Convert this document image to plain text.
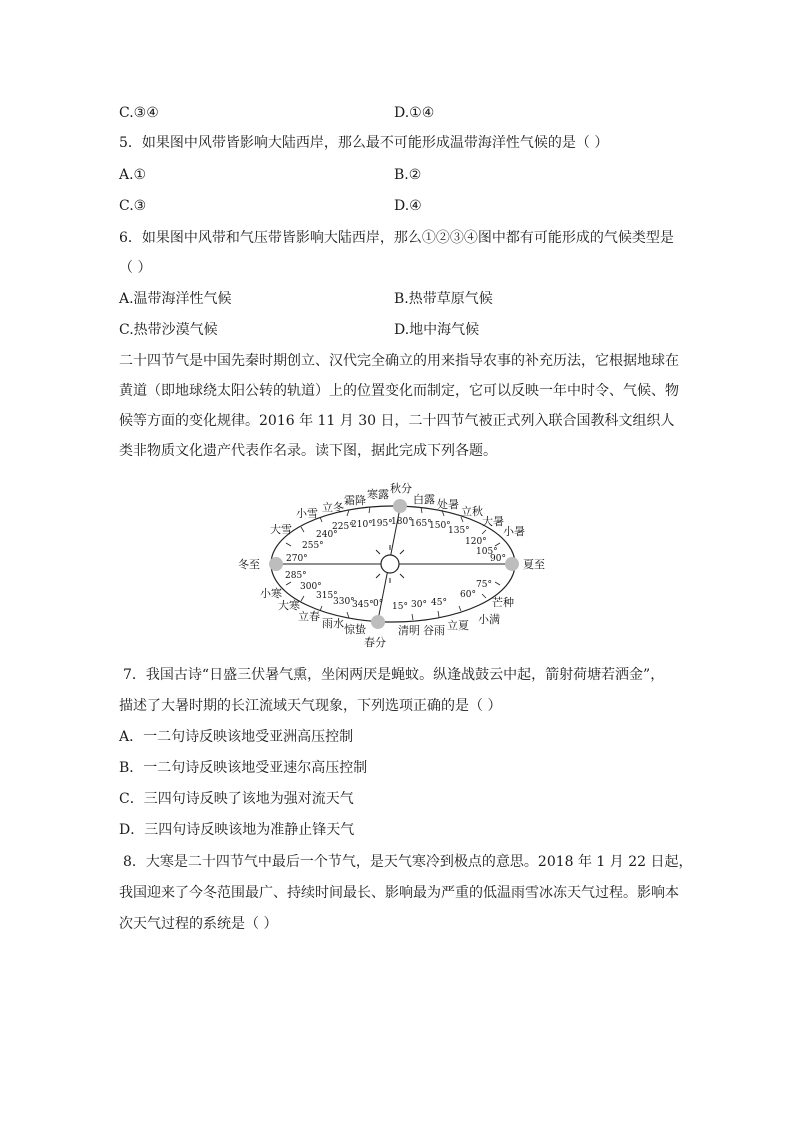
C.③④	D.①④
5．如果图中风带皆影响大陆西岸，那么最不可能形成温带海洋性气候的是（ ）
A.①	B.②
C.③	D.④
6．如果图中风带和气压带皆影响大陆西岸，那么①②③④图中都有可能形成的气候类型是
（ ）
A.温带海洋性气候	B.热带草原气候
C.热带沙漠气候	D.地中海气候
二十四节气是中国先秦时期创立、汉代完全确立的用来指导农事的补充历法，它根据地球在黄道（即地球绕太阳公转的轨道）上的位置变化而制定，它可以反映一年中时令、气候、物候等方面的变化规律。2016 年 11 月 30 日，二十四节气被正式列入联合国教科文组织人类非物质文化遗产代表作名录。读下图，据此完成下列各题。
冬至	夏至
春分
秋分
寒露
霜降
立冬
小雪
大雪
白露 处暑
立秋
大暑
小暑
小寒
大寒
立春
雨水 惊蛰	清明 谷雨 立夏 小满
芒种
0° 15° 30° 45°
60°
75°
90°
105°
120°
135°
150°
165°
180°
195°
210°
225°
240°
255°
270°
285°
300°
315°
330°
345°
7．我国古诗“日盛三伏暑气熏，坐闲两厌是蝇蚊。纵逢战鼓云中起，箭射荷塘若洒金”，
描述了大暑时期的长江流域天气现象，下列选项正确的是（ ）
A．一二句诗反映该地受亚洲高压控制
B．一二句诗反映该地受亚速尔高压控制
C．三四句诗反映了该地为强对流天气
D．三四句诗反映该地为准静止锋天气
8．大寒是二十四节气中最后一个节气，是天气寒冷到极点的意思。2018 年 1 月 22 日起，
我国迎来了今冬范围最广、持续时间最长、影响最为严重的低温雨雪冰冻天气过程。影响本
次天气过程的系统是（ ）
